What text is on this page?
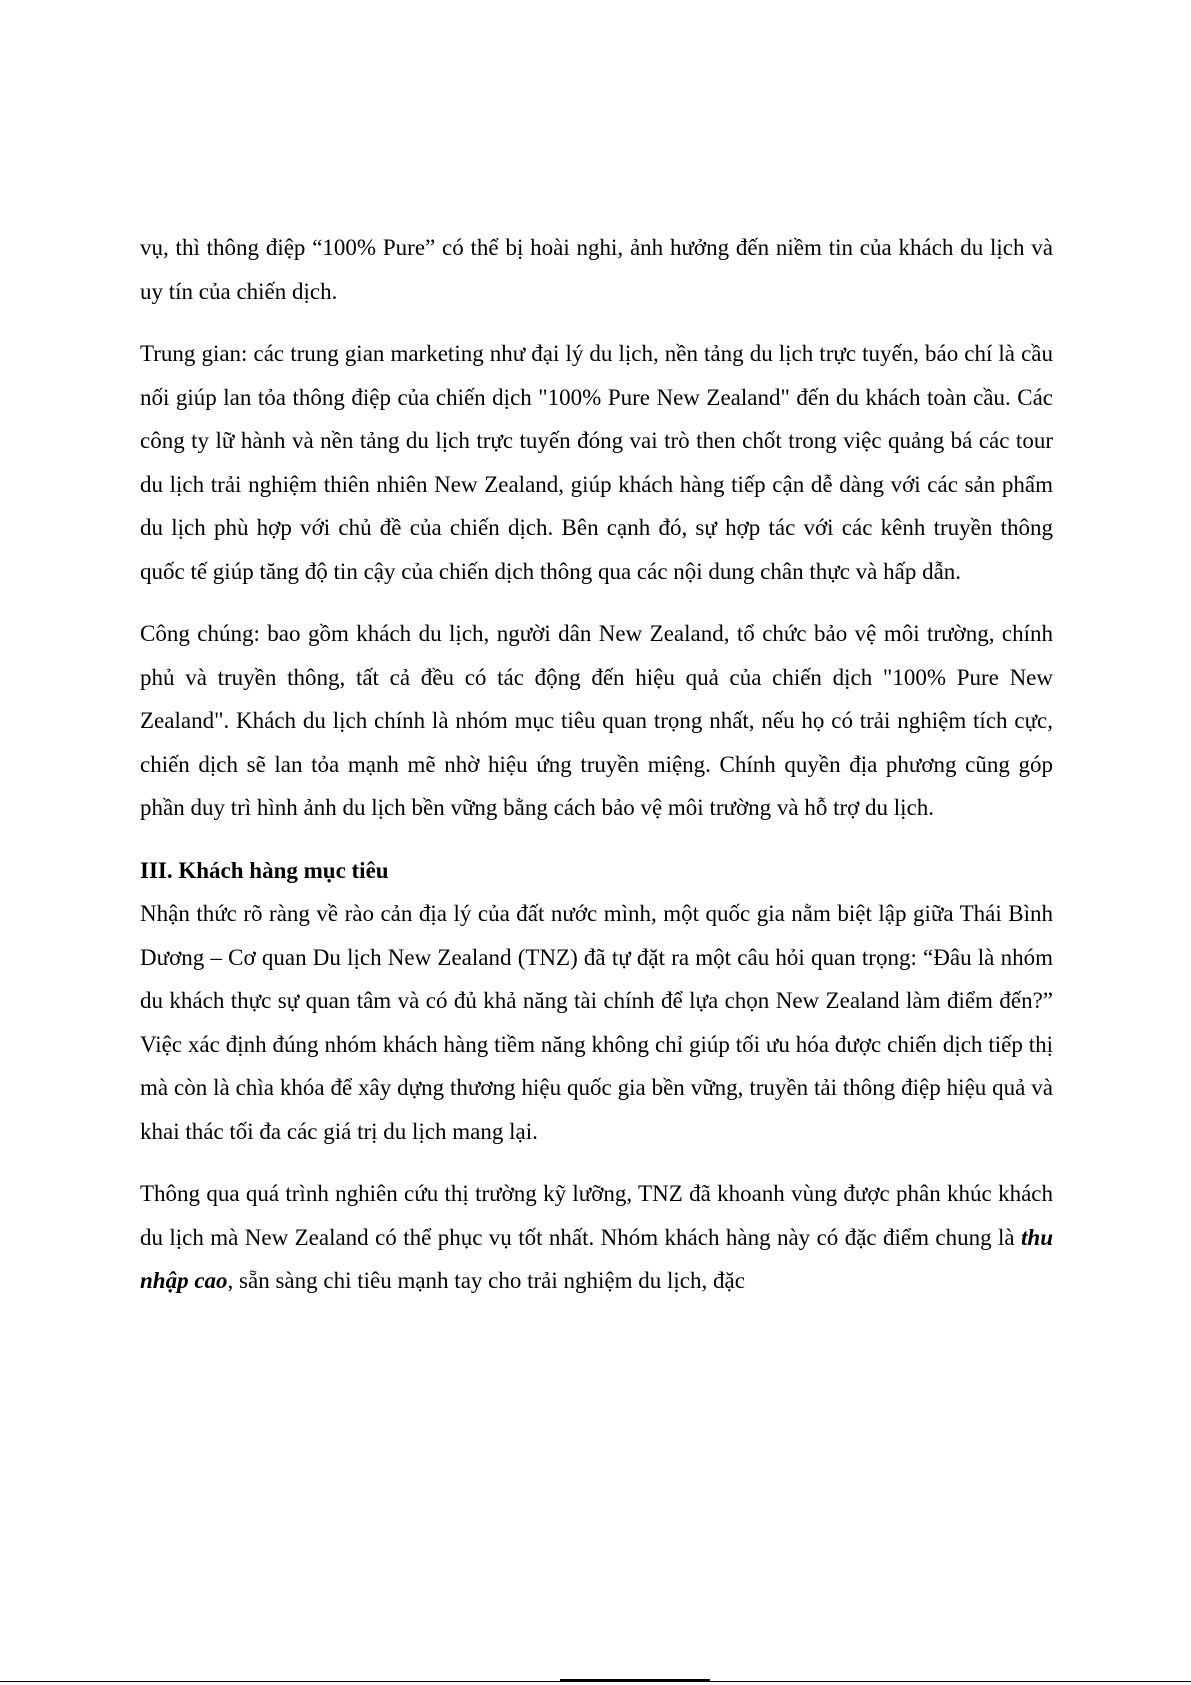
vụ, thì thông điệp “100% Pure” có thể bị hoài nghi, ảnh hưởng đến niềm tin của khách du lịch và uy tín của chiến dịch.

Trung gian: các trung gian marketing như đại lý du lịch, nền tảng du lịch trực tuyến, báo chí là cầu nối giúp lan tỏa thông điệp của chiến dịch "100% Pure New Zealand" đến du khách toàn cầu. Các công ty lữ hành và nền tảng du lịch trực tuyến đóng vai trò then chốt trong việc quảng bá các tour du lịch trải nghiệm thiên nhiên New Zealand, giúp khách hàng tiếp cận dễ dàng với các sản phẩm du lịch phù hợp với chủ đề của chiến dịch. Bên cạnh đó, sự hợp tác với các kênh truyền thông quốc tế giúp tăng độ tin cậy của chiến dịch thông qua các nội dung chân thực và hấp dẫn.

Công chúng: bao gồm khách du lịch, người dân New Zealand, tổ chức bảo vệ môi trường, chính phủ và truyền thông, tất cả đều có tác động đến hiệu quả của chiến dịch "100% Pure New Zealand". Khách du lịch chính là nhóm mục tiêu quan trọng nhất, nếu họ có trải nghiệm tích cực, chiến dịch sẽ lan tỏa mạnh mẽ nhờ hiệu ứng truyền miệng. Chính quyền địa phương cũng góp phần duy trì hình ảnh du lịch bền vững bằng cách bảo vệ môi trường và hỗ trợ du lịch.

III. Khách hàng mục tiêu

Nhận thức rõ ràng về rào cản địa lý của đất nước mình, một quốc gia nằm biệt lập giữa Thái Bình Dương – Cơ quan Du lịch New Zealand (TNZ) đã tự đặt ra một câu hỏi quan trọng: “Đâu là nhóm du khách thực sự quan tâm và có đủ khả năng tài chính để lựa chọn New Zealand làm điểm đến?” Việc xác định đúng nhóm khách hàng tiềm năng không chỉ giúp tối ưu hóa được chiến dịch tiếp thị mà còn là chìa khóa để xây dựng thương hiệu quốc gia bền vững, truyền tải thông điệp hiệu quả và khai thác tối đa các giá trị du lịch mang lại.

Thông qua quá trình nghiên cứu thị trường kỹ lưỡng, TNZ đã khoanh vùng được phân khúc khách du lịch mà New Zealand có thể phục vụ tốt nhất. Nhóm khách hàng này có đặc điểm chung là thu nhập cao, sẵn sàng chi tiêu mạnh tay cho trải nghiệm du lịch, đặc
